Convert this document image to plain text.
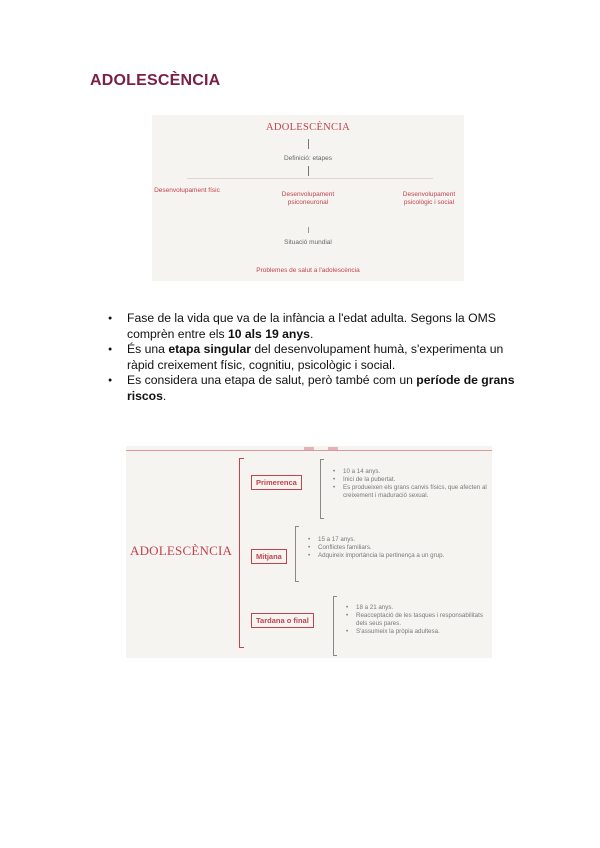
ADOLESCÈNCIA
ADOLESCÈNCIA
Definició: etapes
Desenvolupament físic
Desenvolupament psiconeuronal
Desenvolupament psicològic i social
Situació mundial
Problemes de salut a l'adolescència
● Fase de la vida que va de la infància a l'edat adulta. Segons la OMS comprèn entre els 10 als 19 anys.
● És una etapa singular del desenvolupament humà, s'experimenta un ràpid creixement físic, cognitiu, psicològic i social.
● Es considera una etapa de salut, però també com un període de grans riscos.
ADOLESCÈNCIA
Primerenca
• 10 a 14 anys.
• Inici de la pubertat.
• Es produeixen els grans canvis físics, que afecten al creixement i maduració sexual.
Mitjana
• 15 a 17 anys.
• Conflictes familiars.
• Adquireix importància la pertinença a un grup.
Tardana o final
• 18 a 21 anys.
• Reacceptació de les tasques i responsabilitats dels seus pares.
• S'assumeix la pròpia adultesa.
